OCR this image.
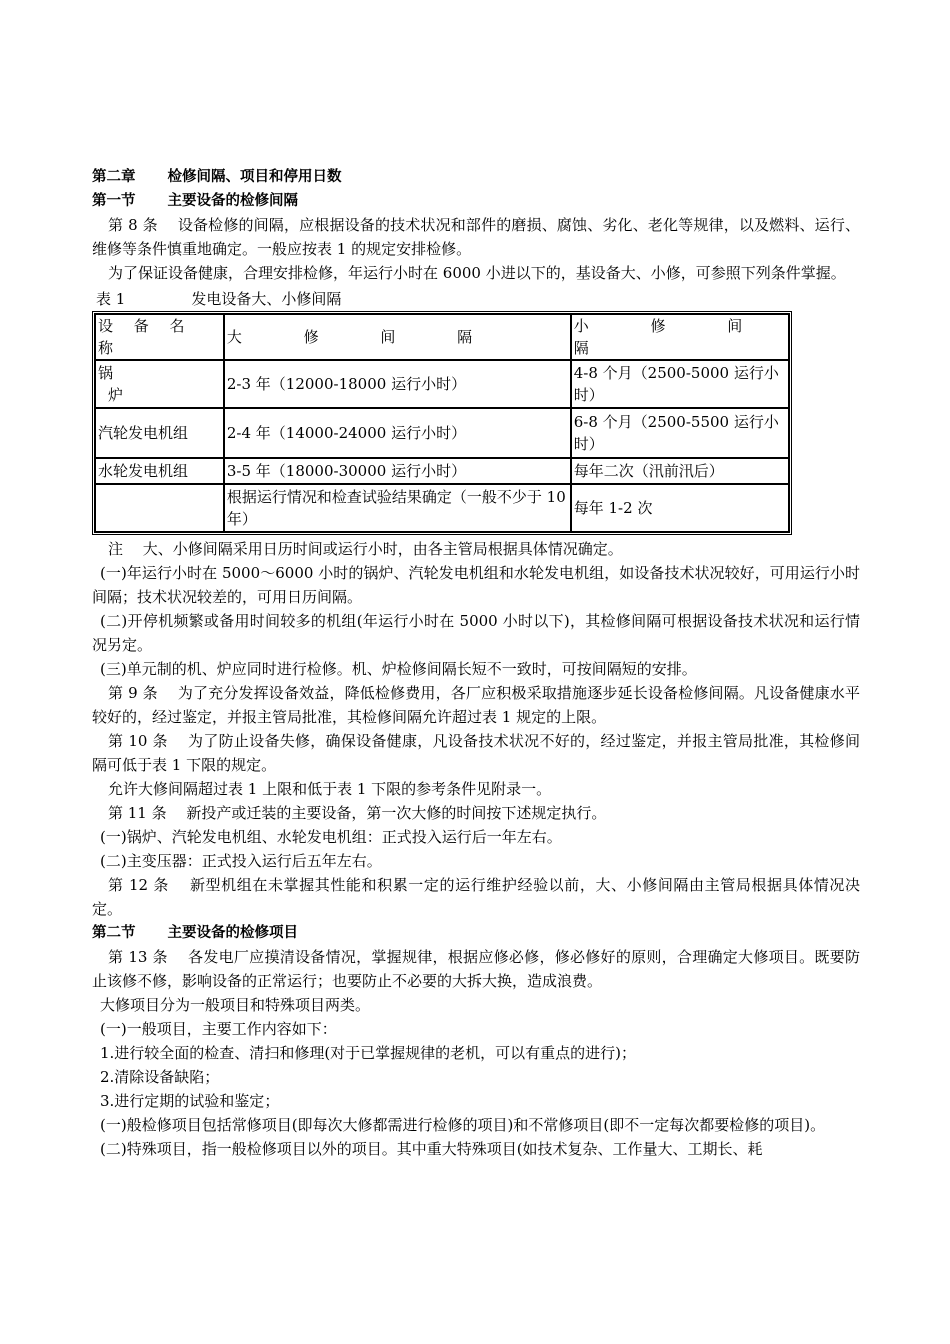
第二章 检修间隔、项目和停用日数

第一节 主要设备的检修间隔

第 8 条　 设备检修的间隔，应根据设备的技术状况和部件的磨损、腐蚀、劣化、老化等规律，以及燃料、运行、维修等条件慎重地确定。一般应按表 1 的规定安排检修。

为了保证设备健康，合理安排检修，年运行小时在 6000 小进以下的，基设备大、小修，可参照下列条件掌握。

表 1	发电设备大、小修间隔
设 备 名 称	大　 修　 间　 隔	小　 修　 间　 隔

锅
炉	2-3 年（12000-18000 运行小时）	4-8 个月（2500-5000 运行小时）
汽轮发电机组	2-4 年（14000-24000 运行小时）	6-8 个月（2500-5500 运行小时）
水轮发电机组	3-5 年（18000-30000 运行小时）	每年二次（汛前汛后）
	根据运行情况和检查试验结果确定（一般不少于 10 年）	每年 1-2 次

注　 大、小修间隔采用日历时间或运行小时，由各主管局根据具体情况确定。

(一)年运行小时在 5000～6000 小时的锅炉、汽轮发电机组和水轮发电机组，如设备技术状况较好，可用运行小时间隔；技术状况较差的，可用日历间隔。

(二)开停机频繁或备用时间较多的机组(年运行小时在 5000 小时以下)，其检修间隔可根据设备技术状况和运行情况另定。

(三)单元制的机、炉应同时进行检修。机、炉检修间隔长短不一致时，可按间隔短的安排。

第 9 条　 为了充分发挥设备效益，降低检修费用，各厂应积极采取措施逐步延长设备检修间隔。凡设备健康水平较好的，经过鉴定，并报主管局批准，其检修间隔允许超过表 1 规定的上限。

第 10 条　 为了防止设备失修，确保设备健康，凡设备技术状况不好的，经过鉴定，并报主管局批准，其检修间隔可低于表 1 下限的规定。

允许大修间隔超过表 1 上限和低于表 1 下限的参考条件见附录一。

第 11 条　 新投产或迁装的主要设备，第一次大修的时间按下述规定执行。

(一)锅炉、汽轮发电机组、水轮发电机组：正式投入运行后一年左右。

(二)主变压器：正式投入运行后五年左右。

第 12 条　 新型机组在未掌握其性能和积累一定的运行维护经验以前，大、小修间隔由主管局根据具体情况决定。

第二节 主要设备的检修项目

第 13 条　 各发电厂应摸清设备情况，掌握规律，根据应修必修，修必修好的原则，合理确定大修项目。既要防止该修不修，影响设备的正常运行；也要防止不必要的大拆大换，造成浪费。

大修项目分为一般项目和特殊项目两类。

(一)一般项目，主要工作内容如下：

1.进行较全面的检查、清扫和修理(对于已掌握规律的老机，可以有重点的进行)；

2.清除设备缺陷；

3.进行定期的试验和鉴定；

(一)般检修项目包括常修项目(即每次大修都需进行检修的项目)和不常修项目(即不一定每次都要检修的项目)。

(二)特殊项目，指一般检修项目以外的项目。其中重大特殊项目(如技术复杂、工作量大、工期长、耗
